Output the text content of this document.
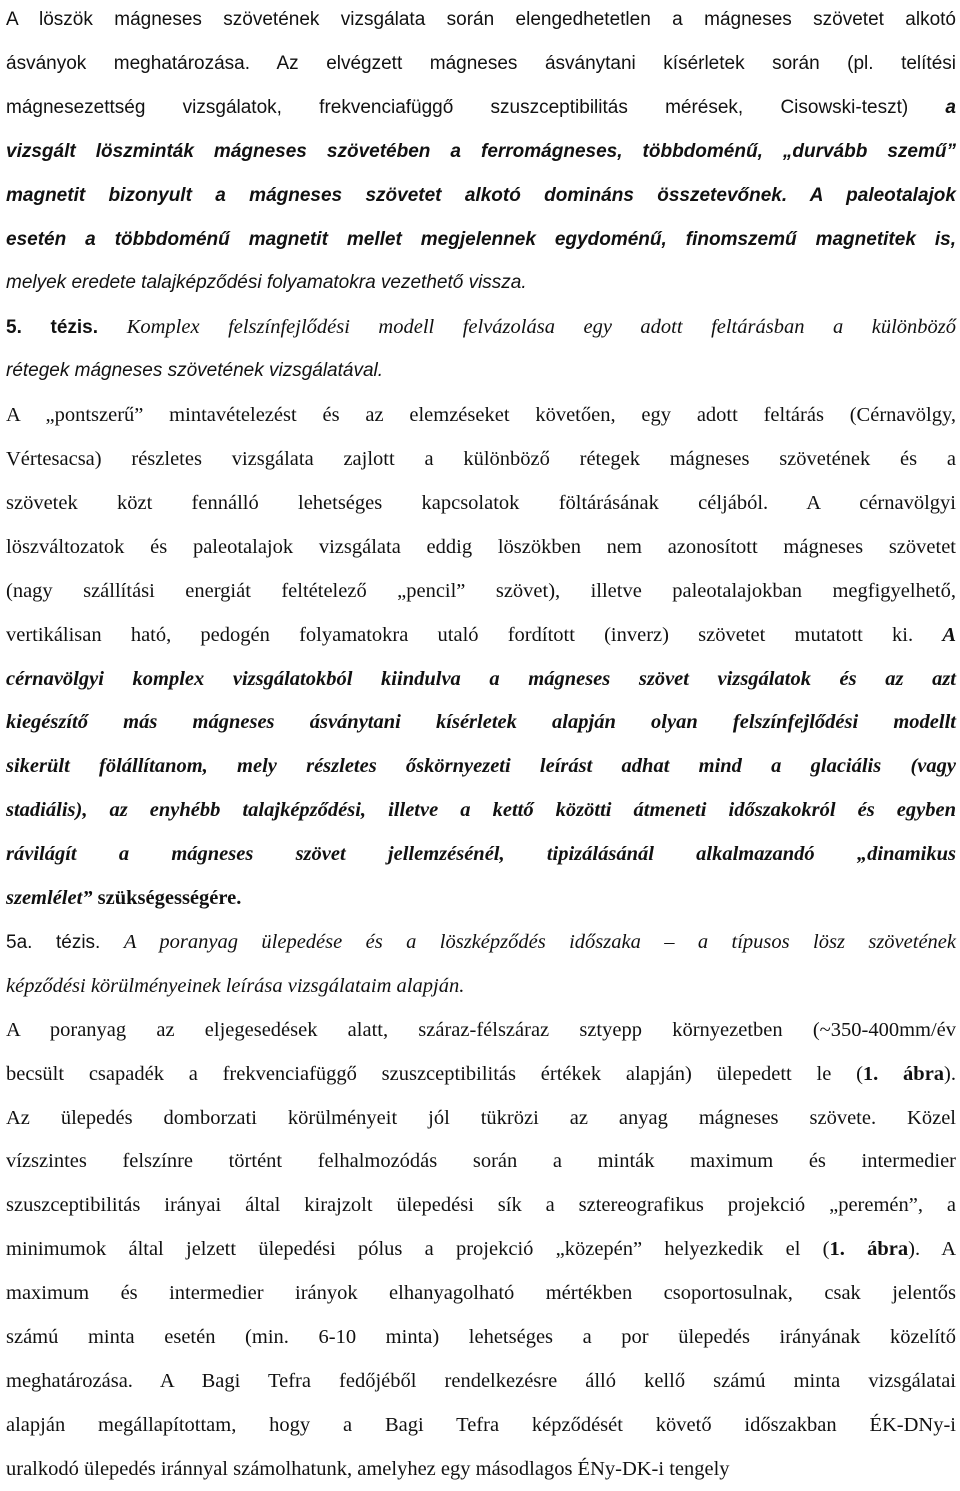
A löszök mágneses szövetének vizsgálata során elengedhetetlen a mágneses szövetet alkotó
ásványok meghatározása. Az elvégzett mágneses ásványtani kísérletek során (pl. telítési
mágnesezettség vizsgálatok, frekvenciafüggő szuszceptibilitás mérések, Cisowski-teszt) a
vizsgált löszminták mágneses szövetében a ferromágneses, többdoménű, „durvább szemű”
magnetit bizonyult a mágneses szövetet alkotó domináns összetevőnek. A paleotalajok
esetén a többdoménű magnetit mellet megjelennek egydoménű, finomszemű magnetitek is,
melyek eredete talajképződési folyamatokra vezethető vissza.
5. tézis. Komplex felszínfejlődési modell felvázolása egy adott feltárásban a különböző
rétegek mágneses szövetének vizsgálatával.
A „pontszerű” mintavételezést és az elemzéseket követően, egy adott feltárás (Cérnavölgy,
Vértesacsa) részletes vizsgálata zajlott a különböző rétegek mágneses szövetének és a
szövetek közt fennálló lehetséges kapcsolatok föltárásának céljából. A cérnavölgyi
löszváltozatok és paleotalajok vizsgálata eddig löszökben nem azonosított mágneses szövetet
(nagy szállítási energiát feltételező „pencil” szövet), illetve paleotalajokban megfigyelhető,
vertikálisan ható, pedogén folyamatokra utaló fordított (inverz) szövetet mutatott ki. A
cérnavölgyi komplex vizsgálatokból kiindulva a mágneses szövet vizsgálatok és az azt
kiegészítő más mágneses ásványtani kísérletek alapján olyan felszínfejlődési modellt
sikerült fölállítanom, mely részletes őskörnyezeti leírást adhat mind a glaciális (vagy
stadiális), az enyhébb talajképződési, illetve a kettő közötti átmeneti időszakokról és egyben
rávilágít a mágneses szövet jellemzésénél, tipizálásánál alkalmazandó „dinamikus
szemlélet” szükségességére.
5a. tézis. A poranyag ülepedése és a löszképződés időszaka – a típusos lösz szövetének
képződési körülményeinek leírása vizsgálataim alapján.
A poranyag az eljegesedések alatt, száraz-félszáraz sztyepp környezetben (~350-400mm/év
becsült csapadék a frekvenciafüggő szuszceptibilitás értékek alapján) ülepedett le (1. ábra).
Az ülepedés domborzati körülményeit jól tükrözi az anyag mágneses szövete. Közel
vízszintes felszínre történt felhalmozódás során a minták maximum és intermedier
szuszceptibilitás irányai által kirajzolt ülepedési sík a sztereografikus projekció „peremén”, a
minimumok által jelzett ülepedési pólus a projekció „közepén” helyezkedik el (1. ábra). A
maximum és intermedier irányok elhanyagolható mértékben csoportosulnak, csak jelentős
számú minta esetén (min. 6-10 minta) lehetséges a por ülepedés irányának közelítő
meghatározása. A Bagi Tefra fedőjéből rendelkezésre álló kellő számú minta vizsgálatai
alapján megállapítottam, hogy a Bagi Tefra képződését követő időszakban ÉK-DNy-i
uralkodó ülepedés iránnyal számolhatunk, amelyhez egy másodlagos ÉNy-DK-i tengely
